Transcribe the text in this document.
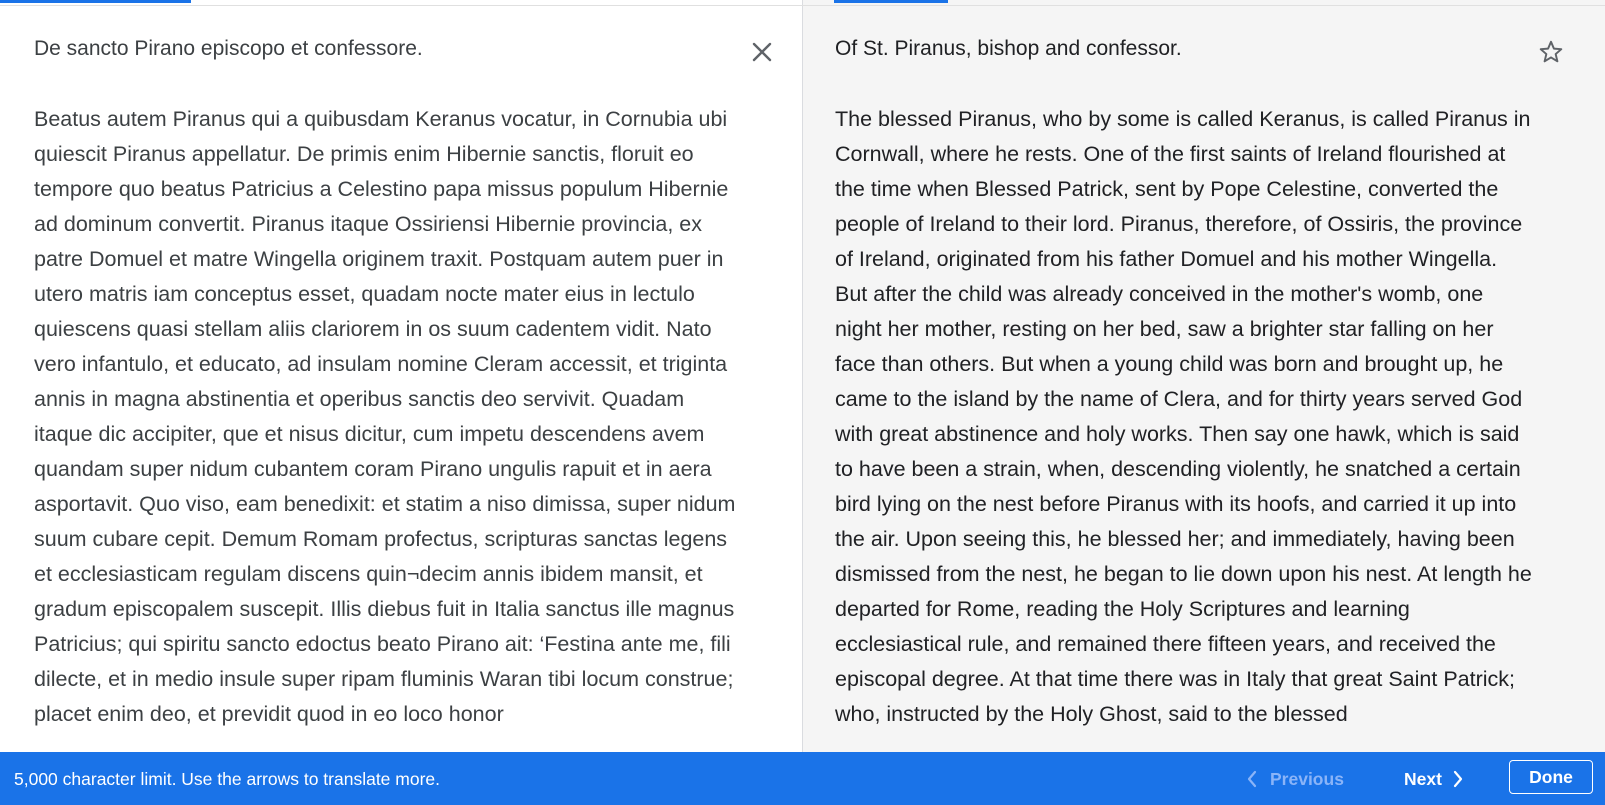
De sancto Pirano episcopo et confessore.
Beatus autem Piranus qui a quibusdam Keranus vocatur, in Cornubia ubi quiescit Piranus appellatur. De primis enim Hibernie sanctis, floruit eo tempore quo beatus Patricius a Celestino papa missus populum Hibernie ad dominum convertit. Piranus itaque Ossiriensi Hibernie provincia, ex patre Domuel et matre Wingella originem traxit. Postquam autem puer in utero matris iam conceptus esset, quadam nocte mater eius in lectulo quiescens quasi stellam aliis clariorem in os suum cadentem vidit. Nato vero infantulo, et educato, ad insulam nomine Cleram accessit, et triginta annis in magna abstinentia et operibus sanctis deo servivit. Quadam itaque dic accipiter, que et nisus dicitur, cum impetu descendens avem quandam super nidum cubantem coram Pirano ungulis rapuit et in aera asportavit. Quo viso, eam benedixit: et statim a niso dimissa, super nidum suum cubare cepit. Demum Romam profectus, scripturas sanctas legens et ecclesiasticam regulam discens quin¬decim annis ibidem mansit, et gradum episcopalem suscepit. Illis diebus fuit in Italia sanctus ille magnus Patricius; qui spiritu sancto edoctus beato Pirano ait: ‘Festina ante me, fili dilecte, et in medio insule super ripam fluminis Waran tibi locum construe; placet enim deo, et previdit quod in eo loco honor
Of St. Piranus, bishop and confessor.
The blessed Piranus, who by some is called Keranus, is called Piranus in Cornwall, where he rests. One of the first saints of Ireland flourished at the time when Blessed Patrick, sent by Pope Celestine, converted the people of Ireland to their lord. Piranus, therefore, of Ossiris, the province of Ireland, originated from his father Domuel and his mother Wingella. But after the child was already conceived in the mother's womb, one night her mother, resting on her bed, saw a brighter star falling on her face than others. But when a young child was born and brought up, he came to the island by the name of Clera, and for thirty years served God with great abstinence and holy works. Then say one hawk, which is said to have been a strain, when, descending violently, he snatched a certain bird lying on the nest before Piranus with its hoofs, and carried it up into the air. Upon seeing this, he blessed her; and immediately, having been dismissed from the nest, he began to lie down upon his nest. At length he departed for Rome, reading the Holy Scriptures and learning ecclesiastical rule, and remained there fifteen years, and received the episcopal degree. At that time there was in Italy that great Saint Patrick; who, instructed by the Holy Ghost, said to the blessed
5,000 character limit. Use the arrows to translate more.	Previous	Next	Done
